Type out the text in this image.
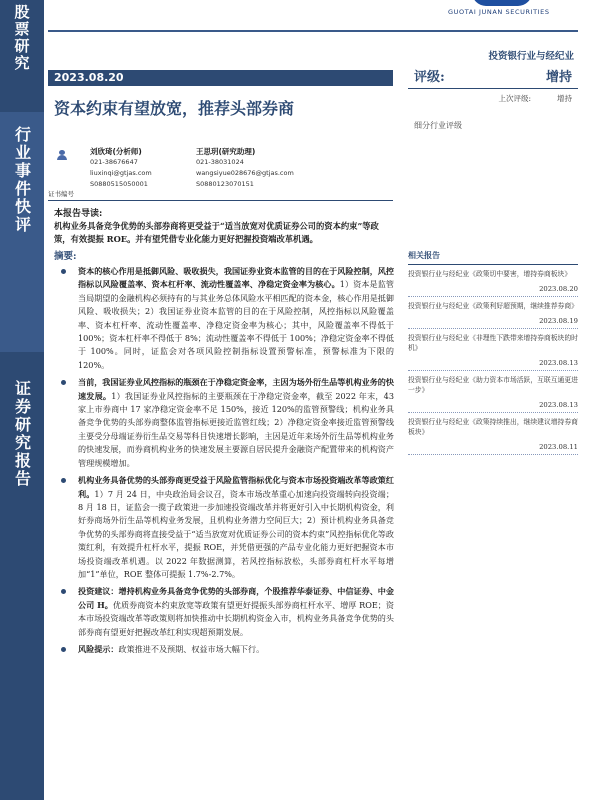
股票研究
行业事件快评
证券研究报告
GUOTAI JUNAN SECURITIES
投资银行业与经纪业
2023.08.20
资本约束有望放宽，推荐头部券商
评级:	增持
上次评级:	增持
细分行业评级
刘欣琦(分析师)
021-38676647
liuxinqi@gtjas.com
S0880515050001
王思玥(研究助理)
021-38031024
wangsiyue028676@gtjas.com
S0880123070151
证书编号
本报告导读:
机构业务具备竞争优势的头部券商将更受益于“适当放宽对优质证券公司的资本约束”等政策，有效提振 ROE。并有望凭借专业化能力更好把握投资端改革机遇。
摘要:
资本的核心作用是抵御风险、吸收损失，我国证券业资本监管的目的在于风险控制，风控指标以风险覆盖率、资本杠杆率、流动性覆盖率、净稳定资金率为核心。1）资本是监管当局期望的金融机构必须持有的与其业务总体风险水平相匹配的资本金，核心作用是抵御风险、吸收损失；2）我国证券业资本监管的目的在于风险控制，风控指标以风险覆盖率、资本杠杆率、流动性覆盖率、净稳定资金率为核心；其中，风险覆盖率不得低于 100%；资本杠杆率不得低于 8%；流动性覆盖率不得低于 100%；净稳定资金率不得低于 100%。同时，证监会对各项风险控制指标设置预警标准，预警标准为下限的 120%。
当前，我国证券业风控指标的瓶颈在于净稳定资金率，主因为场外衍生品等机构业务的快速发展。1）我国证券业风控指标的主要瓶颈在于净稳定资金率，截至 2022 年末，43 家上市券商中 17 家净稳定资金率不足 150%，接近 120%的监管预警线；机构业务具备竞争优势的头部券商整体监管指标更接近监管红线；2）净稳定资金率接近监管预警线主要受分母端证券衍生品交易等科目快速增长影响，主因是近年来场外衍生品等机构业务的快速发展，而券商机构业务的快速发展主要源自居民提升金融资产配置带来的机构资产管理规模增加。
机构业务具备优势的头部券商更受益于风险监管指标优化与资本市场投资端改革等政策红利。1）7 月 24 日，中央政治局会议召，资本市场改革重心加速向投资端转向投资端；8 月 18 日，证监会一揽子政策进一步加速投资端改革并将更好引入中长期机构资金，利好券商场外衍生品等机构业务发展，且机构业务潜力空间巨大；2）预计机构业务具备竞争优势的头部券商将直接受益于“适当放宽对优质证券公司的资本约束”风控指标优化等政策红利，有效提升杠杆水平，提振 ROE，并凭借更强的产品专业化能力更好把握资本市场投资端改革机遇。以 2022 年数据测算，若风控指标放松，头部券商杠杆水平每增加“1”单位，ROE 整体可提振 1.7%-2.7%。
投资建议：增持机构业务具备竞争优势的头部券商，个股推荐华泰证券、中信证券、中金公司 H。优质券商资本约束放宽等政策有望更好提振头部券商杠杆水平、增厚 ROE；资本市场投资端改革等政策则将加快推动中长期机构资金入市，机构业务具备竞争优势的头部券商有望更好把握改革红利实现超预期发展。
风险提示：政策推进不及预期、权益市场大幅下行。
相关报告
投资银行业与经纪业《政策切中要害，增持券商板块》
2023.08.20
投资银行业与经纪业《政策利好超预期，继续推荐券商》
2023.08.19
投资银行业与经纪业《非理性下跌带来增持券商板块的时机》
2023.08.13
投资银行业与经纪业《助力资本市场活跃，互联互通更进一步》
2023.08.13
投资银行业与经纪业《政策持续推出，继续建议增持券商板块》
2023.08.11
